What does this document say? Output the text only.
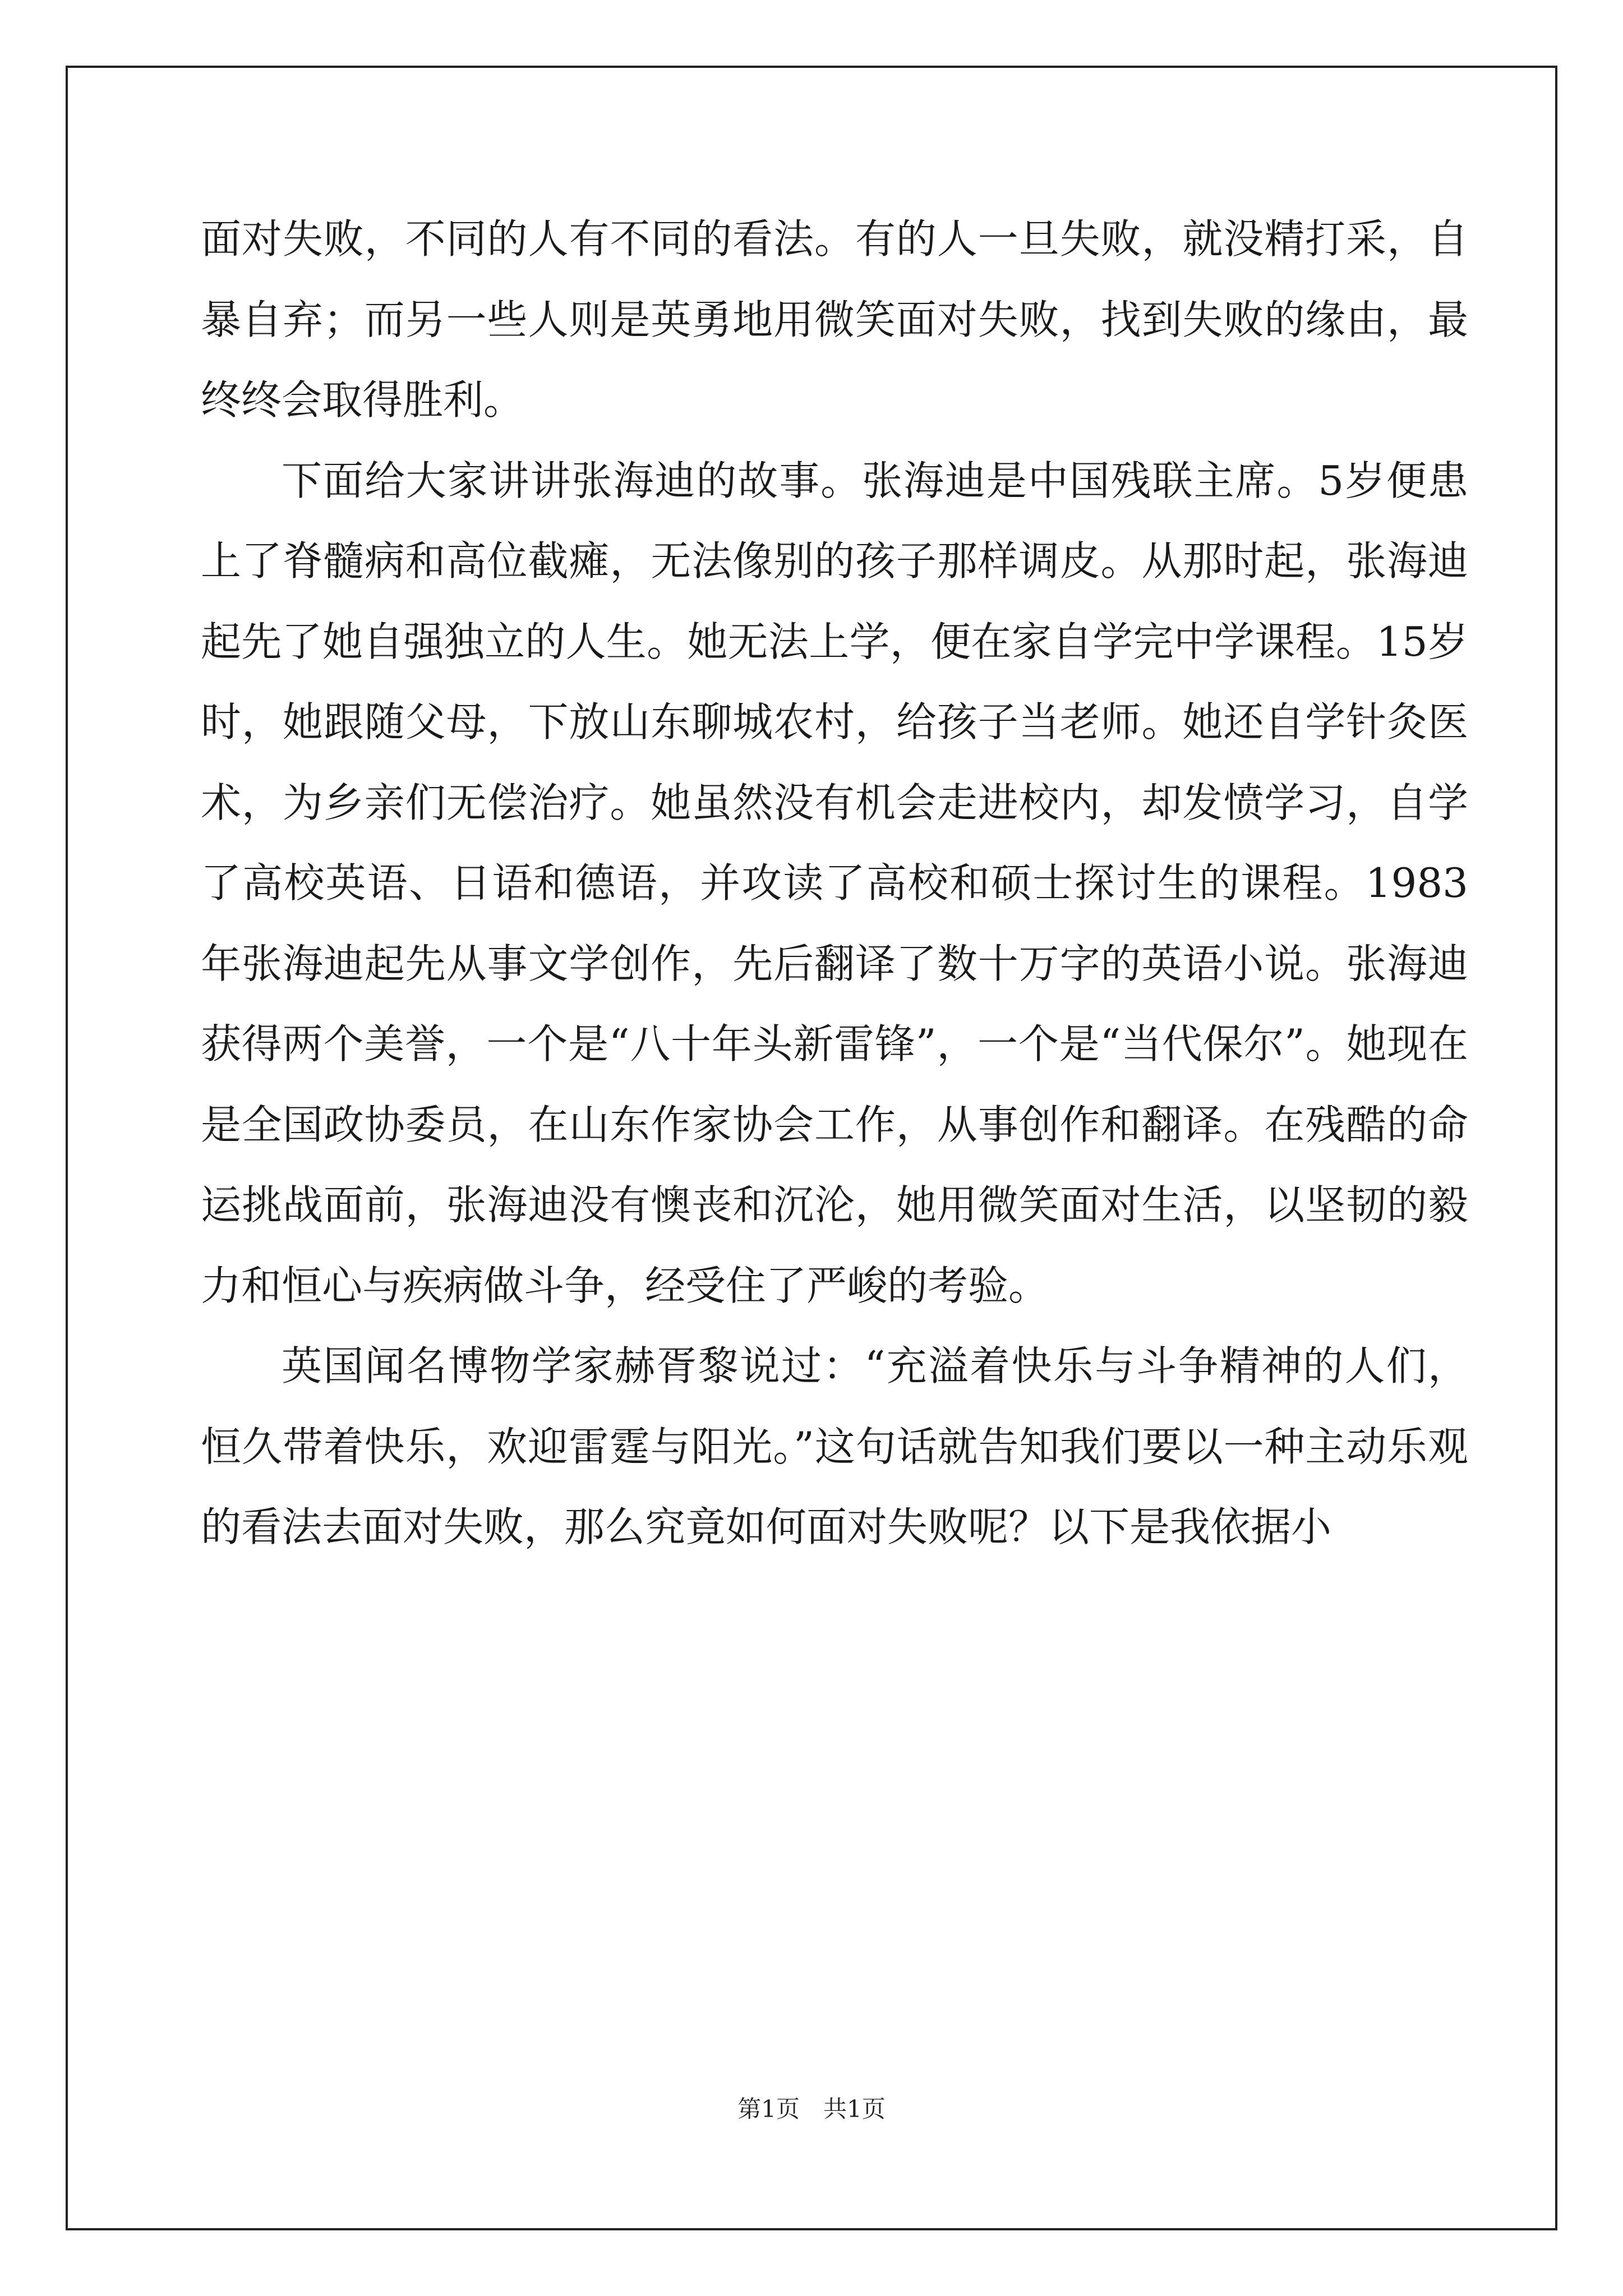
面对失败，不同的人有不同的看法。有的人一旦失败，就没精打采，自暴自弃；而另一些人则是英勇地用微笑面对失败，找到失败的缘由，最终终会取得胜利。

下面给大家讲讲张海迪的故事。张海迪是中国残联主席。5岁便患上了脊髓病和高位截瘫，无法像别的孩子那样调皮。从那时起，张海迪起先了她自强独立的人生。她无法上学，便在家自学完中学课程。15岁时，她跟随父母，下放山东聊城农村，给孩子当老师。她还自学针灸医术，为乡亲们无偿治疗。她虽然没有机会走进校内，却发愤学习，自学了高校英语、日语和德语，并攻读了高校和硕士探讨生的课程。1983年张海迪起先从事文学创作，先后翻译了数十万字的英语小说。张海迪获得两个美誉，一个是“八十年头新雷锋”，一个是“当代保尔”。她现在是全国政协委员，在山东作家协会工作，从事创作和翻译。在残酷的命运挑战面前，张海迪没有懊丧和沉沦，她用微笑面对生活，以坚韧的毅力和恒心与疾病做斗争，经受住了严峻的考验。

英国闻名博物学家赫胥黎说过：“充溢着快乐与斗争精神的人们，恒久带着快乐，欢迎雷霆与阳光。”这句话就告知我们要以一种主动乐观的看法去面对失败，那么究竟如何面对失败呢？以下是我依据小

第1页　共1页
